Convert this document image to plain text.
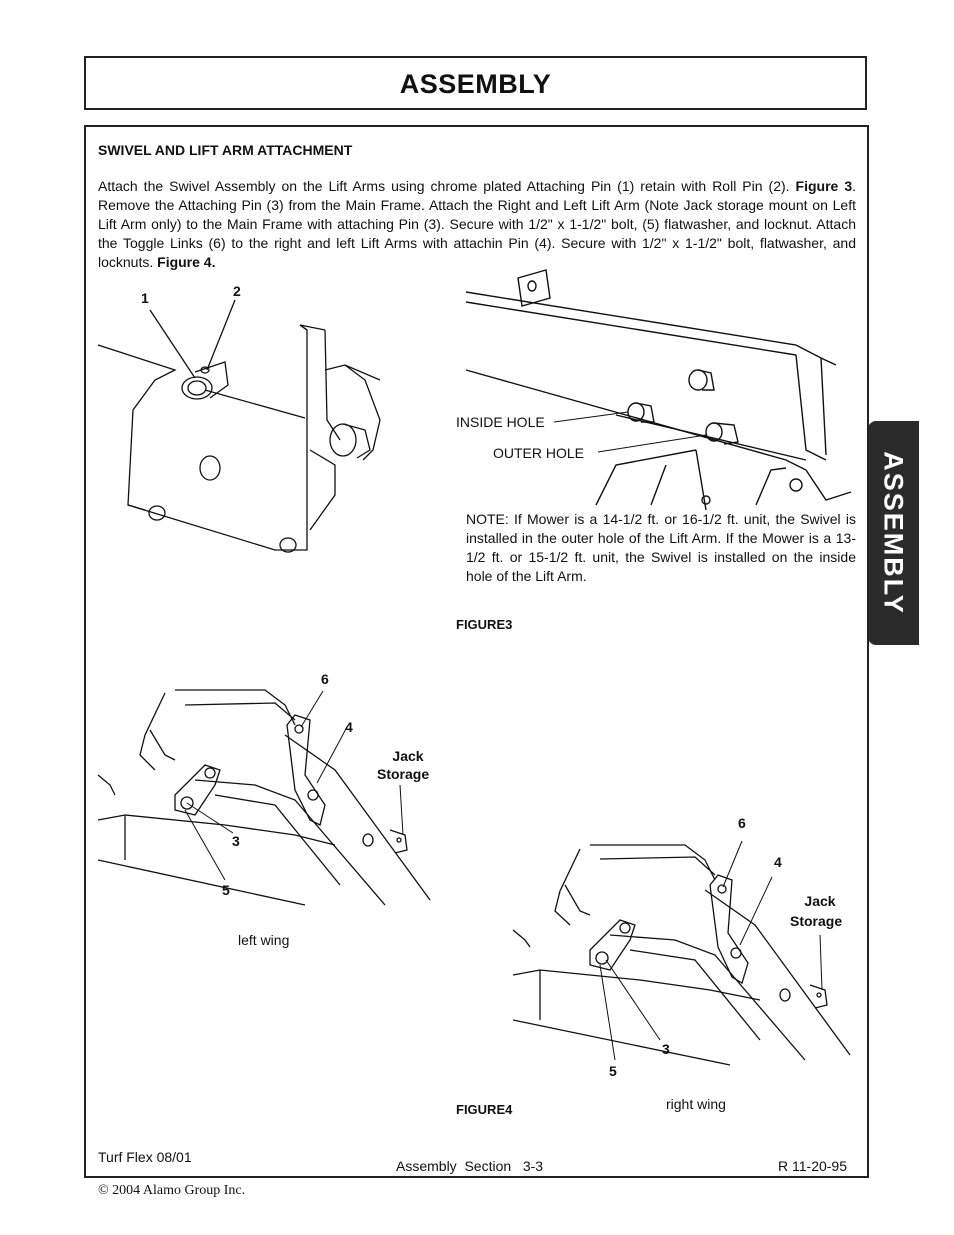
ASSEMBLY
ASSEMBLY
SWIVEL AND LIFT ARM ATTACHMENT
Attach the Swivel Assembly on the Lift Arms using chrome plated Attaching Pin (1) retain with Roll Pin (2). Figure 3. Remove the Attaching Pin (3) from the Main Frame. Attach the Right and Left Lift Arm (Note Jack storage mount on Left Lift Arm only) to the Main Frame with attaching Pin (3). Secure with 1/2" x 1-1/2" bolt, (5) flatwasher, and locknut. Attach the Toggle Links (6) to the right and left Lift Arms with attachin Pin (4). Secure with 1/2" x 1-1/2" bolt, flatwasher, and locknuts. Figure 4.
1	2
INSIDE HOLE
OUTER HOLE
NOTE: If Mower is a 14-1/2 ft. or 16-1/2 ft. unit, the Swivel is installed in the outer hole of the Lift Arm. If the Mower is a 13-1/2 ft. or 15-1/2 ft. unit, the Swivel is installed on the inside hole of the Lift Arm.
FIGURE3
6
4
Jack
Storage
3
5
left wing
6
4
Jack
Storage
3
5
right wing
FIGURE4
Turf Flex 08/01
Assembly  Section   3-3	R 11-20-95
© 2004 Alamo Group Inc.
